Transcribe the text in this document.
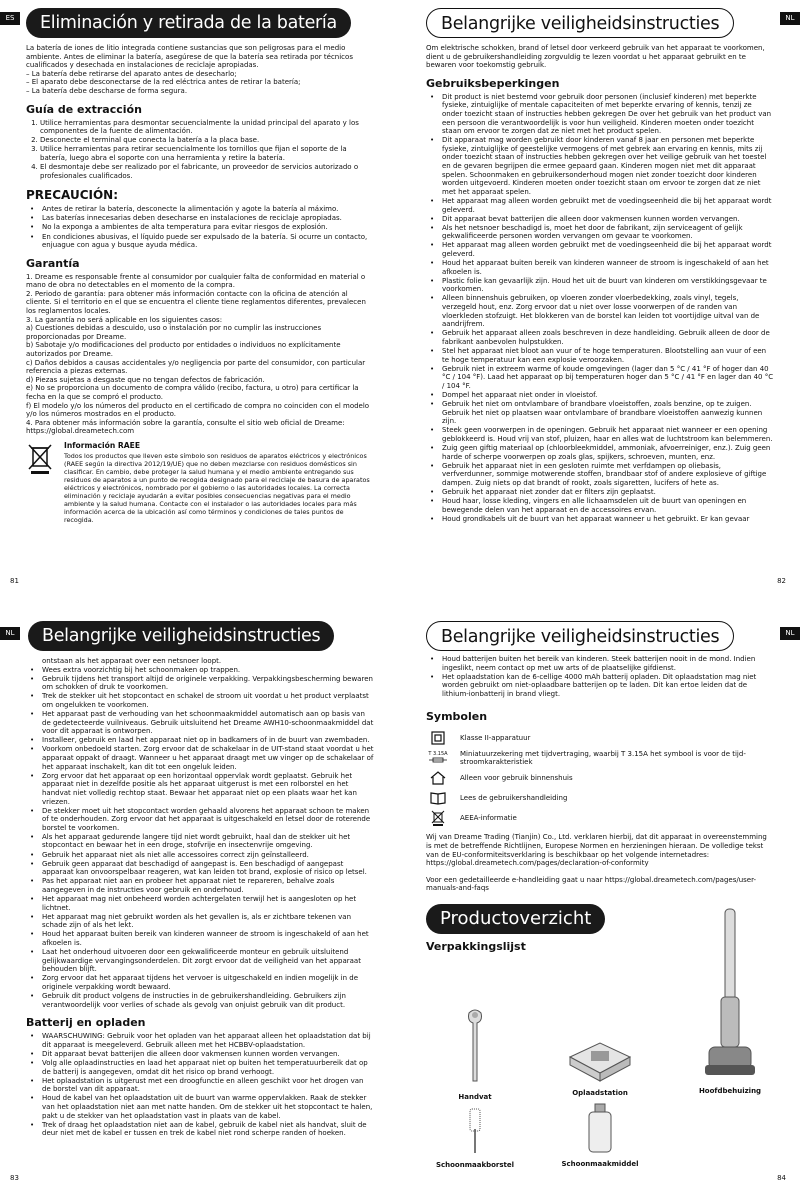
ES	Eliminación y retirada de la batería

La batería de iones de litio integrada contiene sustancias que son peligrosas para el medio ambiente. Antes de eliminar la batería, asegúrese de que la batería sea retirada por técnicos cualificados y desechada en instalaciones de reciclaje apropiadas.

– La batería debe retirarse del aparato antes de desecharlo;
– El aparato debe desconectarse de la red eléctrica antes de retirar la batería;
– La batería debe descharse de forma segura.
Guía de extracción
1. Utilice herramientas para desmontar secuencialmente la unidad principal del aparato y los componentes de la fuente de alimentación.
2. Desconecte el terminal que conecta la batería a la placa base.
3. Utilice herramientas para retirar secuencialmente los tornillos que fijan el soporte de la batería, luego abra el soporte con una herramienta y retire la batería.
4. El desmontaje debe ser realizado por el fabricante, un proveedor de servicios autorizado o profesionales cualificados.
PRECAUCIÓN:
• Antes de retirar la batería, desconecte la alimentación y agote la batería al máximo.
• Las baterías innecesarias deben desecharse en instalaciones de reciclaje apropiadas.
• No la exponga a ambientes de alta temperatura para evitar riesgos de explosión.
• En condiciones abusivas, el líquido puede ser expulsado de la batería. Si ocurre un contacto, enjuague con agua y busque ayuda médica.
Garantía
1. Dreame es responsable frente al consumidor por cualquier falta de conformidad en material o mano de obra no detectables en el momento de la compra.
2. Periodo de garantía: para obtener más información contacte con la oficina de atención al cliente. Si el territorio en el que se encuentra el cliente tiene reglamentos diferentes, prevalecen los reglamentos locales.
3. La garantía no será aplicable en los siguientes casos:
a) Cuestiones debidas a descuido, uso o instalación por no cumplir las instrucciones proporcionadas por Dreame.
b) Sabotaje y/o modificaciones del producto por entidades o individuos no explícitamente autorizados por Dreame.
c) Daños debidos a causas accidentales y/o negligencia por parte del consumidor, con particular referencia a piezas externas.
d) Piezas sujetas a desgaste que no tengan defectos de fabricación.
e) No se proporciona un documento de compra válido (recibo, factura, u otro) para certificar la fecha en la que se compró el producto.
f) El modelo y/o los números del producto en el certificado de compra no coinciden con el modelo y/o los números mostrados en el producto.
4. Para obtener más información sobre la garantía, consulte el sitio web oficial de Dreame: https://global.dreametech.com
Información RAEE
Todos los productos que lleven este símbolo son residuos de aparatos eléctricos y electrónicos (RAEE según la directiva 2012/19/UE) que no deben mezclarse con residuos domésticos sin clasificar. En cambio, debe proteger la salud humana y el medio ambiente entregando sus residuos de aparatos a un punto de recogida designado para el reciclaje de basura de aparatos eléctricos y electrónicos, nombrado por el gobierno o las autoridades locales. La correcta eliminación y reciclaje ayudarán a evitar posibles consecuencias negativas para el medio ambiente y la salud humana. Contacte con el instalador o las autoridades locales para más información acerca de la ubicación así como términos y condiciones de tales puntos de recogida.
81
NL
Belangrijke veiligheidsinstructies

Om elektrische schokken, brand of letsel door verkeerd gebruik van het apparaat te voorkomen, dient u de gebruikershandleiding zorgvuldig te lezen voordat u het apparaat gebruikt en te bewaren voor toekomstig gebruik.

Gebruiksbeperkingen
• Dit product is niet bestemd voor gebruik door personen (inclusief kinderen) met beperkte fysieke, zintuiglijke of mentale capaciteiten of met beperkte ervaring of kennis, tenzij ze onder toezicht staan of instructies hebben gekregen De over het gebruik van het product van een persoon die verantwoordelijk is voor hun veiligheid. Kinderen moeten onder toezicht staan om ervoor te zorgen dat ze niet met het product spelen.
• Dit apparaat mag worden gebruikt door kinderen vanaf 8 jaar en personen met beperkte fysieke, zintuiglijke of geestelijke vermogens of met gebrek aan ervaring en kennis, mits zij onder toezicht staan of instructies hebben gekregen over het veilige gebruik van het toestel en de gevaren begrijpen die ermee gepaard gaan. Kinderen mogen niet met dit apparaat spelen. Schoonmaken en gebruikersonderhoud mogen niet zonder toezicht door kinderen worden uitgevoerd. Kinderen moeten onder toezicht staan om ervoor te zorgen dat ze niet met het apparaat spelen.
• Het apparaat mag alleen worden gebruikt met de voedingseenheid die bij het apparaat wordt geleverd.
• Dit apparaat bevat batterijen die alleen door vakmensen kunnen worden vervangen.
• Als het netsnoer beschadigd is, moet het door de fabrikant, zijn serviceagent of gelijk gekwalificeerde personen worden vervangen om gevaar te voorkomen.
• Het apparaat mag alleen worden gebruikt met de voedingseenheid die bij het apparaat wordt geleverd.
• Houd het apparaat buiten bereik van kinderen wanneer de stroom is ingeschakeld of aan het afkoelen is.
• Plastic folie kan gevaarlijk zijn. Houd het uit de buurt van kinderen om verstikkingsgevaar te voorkomen.
• Alleen binnenshuis gebruiken, op vloeren zonder vloerbedekking, zoals vinyl, tegels, verzegeld hout, enz. Zorg ervoor dat u niet over losse voorwerpen of de randen van vloerkleden stofzuigt. Het blokkeren van de borstel kan leiden tot voortijdige uitval van de aandrijfrem.
• Gebruik het apparaat alleen zoals beschreven in deze handleiding. Gebruik alleen de door de fabrikant aanbevolen hulpstukken.
• Stel het apparaat niet bloot aan vuur of te hoge temperaturen. Blootstelling aan vuur of een te hoge temperatuur kan een explosie veroorzaken.
• Gebruik niet in extreem warme of koude omgevingen (lager dan 5 °C / 41 °F of hoger dan 40 °C / 104 °F). Laad het apparaat op bij temperaturen hoger dan 5 °C / 41 °F en lager dan 40 °C / 104 °F.
• Dompel het apparaat niet onder in vloeistof.
• Gebruik het niet om ontvlambare of brandbare vloeistoffen, zoals benzine, op te zuigen. Gebruik het niet op plaatsen waar ontvlambare of brandbare vloeistoffen aanwezig kunnen zijn.
• Steek geen voorwerpen in de openingen. Gebruik het apparaat niet wanneer er een opening geblokkeerd is. Houd vrij van stof, pluizen, haar en alles wat de luchtstroom kan belemmeren.
• Zuig geen giftig materiaal op (chloorbleekmiddel, ammoniak, afvoerreiniger, enz.). Zuig geen harde of scherpe voorwerpen op zoals glas, spijkers, schroeven, munten, enz.
• Gebruik het apparaat niet in een gesloten ruimte met verfdampen op oliebasis, verfverdunner, sommige motwerende stoffen, brandbaar stof of andere explosieve of giftige dampen. Zuig niets op dat brandt of rookt, zoals sigaretten, lucifers of hete as.
• Gebruik het apparaat niet zonder dat er filters zijn geplaatst.
• Houd haar, losse kleding, vingers en alle lichaamsdelen uit de buurt van openingen en bewegende delen van het apparaat en de accessoires ervan.
• Houd grondkabels uit de buurt van het apparaat wanneer u het gebruikt. Er kan gevaar
82
NL	Belangrijke veiligheidsinstructies
ontstaan als het apparaat over een netsnoer loopt.
• Wees extra voorzichtig bij het schoonmaken op trappen.
• Gebruik tijdens het transport altijd de originele verpakking. Verpakkingsbescherming bewaren om schokken of druk te voorkomen.
• Trek de stekker uit het stopcontact en schakel de stroom uit voordat u het product verplaatst om ongelukken te voorkomen.
• Het apparaat past de verhouding van het schoonmaakmiddel automatisch aan op basis van de gedetecteerde vuilniveaus. Gebruik uitsluitend het Dreame AWH10-schoonmaakmiddel dat voor dit apparaat is ontworpen.
• Installeer, gebruik en laad het apparaat niet op in badkamers of in de buurt van zwembaden.
• Voorkom onbedoeld starten. Zorg ervoor dat de schakelaar in de UIT-stand staat voordat u het apparaat oppakt of draagt. Wanneer u het apparaat draagt met uw vinger op de schakelaar of het apparaat inschakelt, kan dit tot een ongeluk leiden.
• Zorg ervoor dat het apparaat op een horizontaal oppervlak wordt geplaatst. Gebruik het apparaat niet in dezelfde positie als het apparaat uitgerust is met een rolborstel en het handvat niet volledig rechtop staat. Bewaar het apparaat niet op een plaats waar het kan vriezen.
• De stekker moet uit het stopcontact worden gehaald alvorens het apparaat schoon te maken of te onderhouden. Zorg ervoor dat het apparaat is uitgeschakeld en letsel door de roterende borstel te voorkomen.
• Als het apparaat gedurende langere tijd niet wordt gebruikt, haal dan de stekker uit het stopcontact en bewaar het in een droge, stofvrije en insectenvrije omgeving.
• Gebruik het apparaat niet als niet alle accessoires correct zijn geïnstalleerd.
• Gebruik geen apparaat dat beschadigd of aangepast is. Een beschadigd of aangepast apparaat kan onvoorspelbaar reageren, wat kan leiden tot brand, explosie of risico op letsel.
• Pas het apparaat niet aan en probeer het apparaat niet te repareren, behalve zoals aangegeven in de instructies voor gebruik en onderhoud.
• Het apparaat mag niet onbeheerd worden achtergelaten terwijl het is aangesloten op het lichtnet.
• Het apparaat mag niet gebruikt worden als het gevallen is, als er zichtbare tekenen van schade zijn of als het lekt.
• Houd het apparaat buiten bereik van kinderen wanneer de stroom is ingeschakeld of aan het afkoelen is.
• Laat het onderhoud uitvoeren door een gekwalificeerde monteur en gebruik uitsluitend gelijkwaardige vervangingsonderdelen. Dit zorgt ervoor dat de veiligheid van het apparaat behouden blijft.
• Zorg ervoor dat het apparaat tijdens het vervoer is uitgeschakeld en indien mogelijk in de originele verpakking wordt bewaard.
• Gebruik dit product volgens de instructies in de gebruikershandleiding. Gebruikers zijn verantwoordelijk voor verlies of schade als gevolg van onjuist gebruik van dit product.
Batterij en opladen
• WAARSCHUWING: Gebruik voor het opladen van het apparaat alleen het oplaadstation dat bij dit apparaat is meegeleverd. Gebruik alleen met het HCBBV-oplaadstation.
• Dit apparaat bevat batterijen die alleen door vakmensen kunnen worden vervangen.
• Volg alle oplaadinstructies en laad het apparaat niet op buiten het temperatuurbereik dat op de batterij is aangegeven, omdat dit het risico op brand verhoogt.
• Het oplaadstation is uitgerust met een droogfunctie en alleen geschikt voor het drogen van de borstel van dit apparaat.
• Houd de kabel van het oplaadstation uit de buurt van warme oppervlakken. Raak de stekker van het oplaadstation niet aan met natte handen. Om de stekker uit het stopcontact te halen, pakt u de stekker van het oplaadstation vast in plaats van de kabel.
• Trek of draag het oplaadstation niet aan de kabel, gebruik de kabel niet als handvat, sluit de deur niet met de kabel er tussen en trek de kabel niet rond scherpe randen of hoeken.
83
NL
Belangrijke veiligheidsinstructies
• Houd batterijen buiten het bereik van kinderen. Steek batterijen nooit in de mond. Indien ingeslikt, neem contact op met uw arts of de plaatselijke gifdienst.
• Het oplaadstation kan de 6-cellige 4000 mAh batterij opladen. Dit oplaadstation mag niet worden gebruikt om niet-oplaadbare batterijen op te laden. Dit kan ertoe leiden dat de lithium-ionbatterij in brand vliegt.
Symbolen
Klasse II-apparatuur
T 3.15A	Miniatuurzekering met tijdvertraging, waarbij T 3.15A het symbool is voor de tijd-stroomkarakteristiek
Alleen voor gebruik binnenshuis
Lees de gebruikershandleiding
AEEA-informatie

Wij van Dreame Trading (Tianjin) Co., Ltd. verklaren hierbij, dat dit apparaat in overeenstemming is met de betreffende Richtlijnen, Europese Normen en herzieningen hieraan. De volledige tekst van de EU-conformiteitsverklaring is beschikbaar op het volgende internetadres: https://global.dreametech.com/pages/declaration-of-conformity

Voor een gedetailleerde e-handleiding gaat u naar https://global.dreametech.com/pages/user-manuals-and-faqs

Productoverzicht
Verpakkingslijst
Handvat	Oplaadstation	Hoofdbehuizing
Schoonmaakborstel	Schoonmaakmiddel
84
